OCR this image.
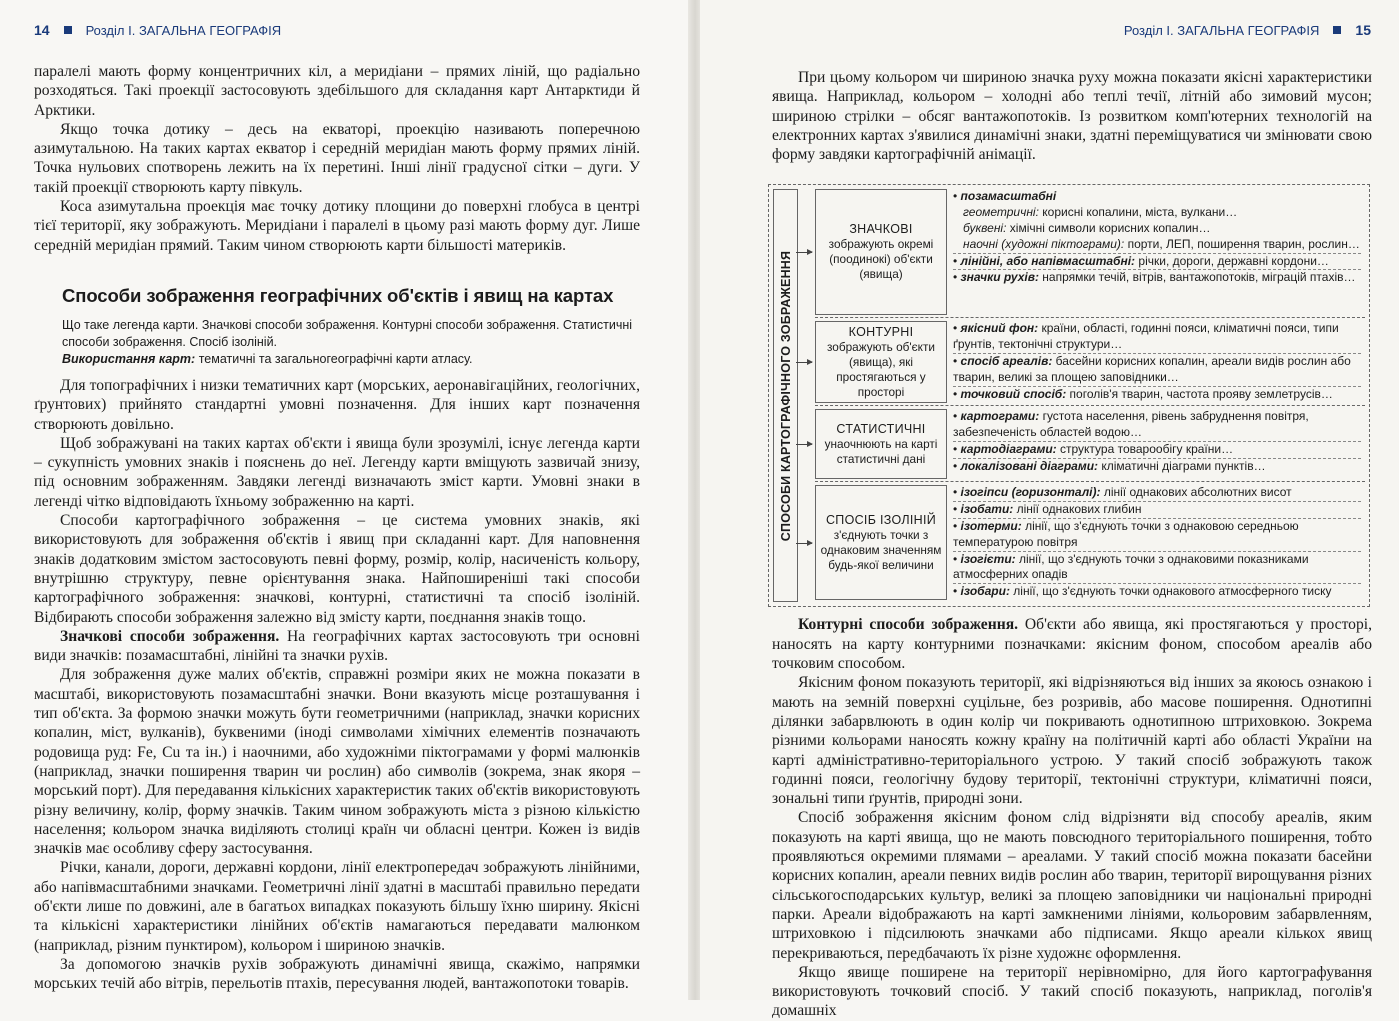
14	Розділ І. ЗАГАЛЬНА ГЕОГРАФІЯ

паралелі мають форму концентричних кіл, а меридіани – прямих ліній, що радіально розходяться. Такі проекції застосовують здебільшого для складання карт Антарктиди й Арктики.

Якщо точка дотику – десь на екваторі, проекцію називають поперечною азимутальною. На таких картах екватор і середній меридіан мають форму прямих ліній. Точка нульових спотворень лежить на їх перетині. Інші лінії градусної сітки – дуги. У такій проекції створюють карту півкуль.

Коса азимутальна проекція має точку дотику площини до поверхні глобуса в центрі тієї території, яку зображують. Меридіани і паралелі в цьому разі мають форму дуг. Лише середній меридіан прямий. Таким чином створюють карти більшості материків.

Способи зображення географічних об'єктів і явищ на картах
Що таке легенда карти. Значкові способи зображення. Контурні способи зображення. Статистичні способи зображення. Спосіб ізоліній.
Використання карт: тематичні та загальногеографічні карти атласу.

Для топографічних і низки тематичних карт (морських, аеронавігаційних, геологічних, ґрунтових) прийнято стандартні умовні позначення. Для інших карт позначення створюють довільно.

Щоб зображувані на таких картах об'єкти і явища були зрозумілі, існує легенда карти – сукупність умовних знаків і пояснень до неї. Легенду карти вміщують зазвичай знизу, під основним зображенням. Завдяки легенді визначають зміст карти. Умовні знаки в легенді чітко відповідають їхньому зображенню на карті.

Способи картографічного зображення – це система умовних знаків, які використовують для зображення об'єктів і явищ при складанні карт. Для наповнення знаків додатковим змістом застосовують певні форму, розмір, колір, насиченість кольору, внутрішню структуру, певне орієнтування знака. Найпоширеніші такі способи картографічного зображення: значкові, контурні, статистичні та спосіб ізоліній. Відбирають способи зображення залежно від змісту карти, поєднання знаків тощо.

Значкові способи зображення. На географічних картах застосовують три основні види значків: позамасштабні, лінійні та значки рухів.

Для зображення дуже малих об'єктів, справжні розміри яких не можна показати в масштабі, використовують позамасштабні значки. Вони вказують місце розташування і тип об'єкта. За формою значки можуть бути геометричними (наприклад, значки корисних копалин, міст, вулканів), буквеними (іноді символами хімічних елементів позначають родовища руд: Fe, Cu та ін.) і наочними, або художніми піктограмами у формі малюнків (наприклад, значки поширення тварин чи рослин) або символів (зокрема, знак якоря – морський порт). Для передавання кількісних характеристик таких об'єктів використовують різну величину, колір, форму значків. Таким чином зображують міста з різною кількістю населення; кольором значка виділяють столиці країн чи обласні центри. Кожен із видів значків має особливу сферу застосування.

Річки, канали, дороги, державні кордони, лінії електропередач зображують лінійними, або напівмасштабними значками. Геометричні лінії здатні в масштабі правильно передати об'єкти лише по довжині, але в багатьох випадках показують більшу їхню ширину. Якісні та кількісні характеристики лінійних об'єктів намагаються передавати малюнком (наприклад, різним пунктиром), кольором і шириною значків.

За допомогою значків рухів зображують динамічні явища, скажімо, напрямки морських течій або вітрів, перельотів птахів, пересування людей, вантажопотоки товарів.

Розділ І. ЗАГАЛЬНА ГЕОГРАФІЯ	15

При цьому кольором чи шириною значка руху можна показати якісні характеристики явища. Наприклад, кольором – холодні або теплі течії, літній або зимовий мусон; шириною стрілки – обсяг вантажопотоків. Із розвитком комп'ютерних технологій на електронних картах з'явилися динамічні знаки, здатні переміщуватися чи змінювати свою форму завдяки картографічній анімації.

СПОСОБИ КАРТОГРАФІЧНОГО ЗОБРАЖЕННЯ
ЗНАЧКОВІ
зображують окремі (поодинокі) об'єкти (явища)
• позамасштабні
геометричні: корисні копалини, міста, вулкани…
буквені: хімічні символи корисних копалин…
наочні (художні піктограми): порти, ЛЕП, поширення тварин, рослин…
• лінійні, або напівмасштабні: річки, дороги, державні кордони…
• значки рухів: напрямки течій, вітрів, вантажопотоків, міграцій птахів…
КОНТУРНІ
зображують об'єкти (явища), які простягаються у просторі
• якісний фон: країни, області, годинні пояси, кліматичні пояси, типи ґрунтів, тектонічні структури…
• спосіб ареалів: басейни корисних копалин, ареали видів рослин або тварин, великі за площею заповідники…
• точковий спосіб: поголів'я тварин, частота прояву землетрусів…
СТАТИСТИЧНІ
унаочнюють на карті статистичні дані
• картограми: густота населення, рівень забруднення повітря, забезпеченість областей водою…
• картодіаграми: структура товарообігу країни…
• локалізовані діаграми: кліматичні діаграми пунктів…
СПОСІБ ІЗОЛІНІЙ
з'єднують точки з однаковим значенням будь-якої величини
• ізогіпси (горизонталі): лінії однакових абсолютних висот
• ізобати: лінії однакових глибин
• ізотерми: лінії, що з'єднують точки з однаковою середньою температурою повітря
• ізогієти: лінії, що з'єднують точки з однаковими показниками атмосферних опадів
• ізобари: лінії, що з'єднують точки однакового атмосферного тиску

Контурні способи зображення. Об'єкти або явища, які простягаються у просторі, наносять на карту контурними позначками: якісним фоном, способом ареалів або точковим способом.

Якісним фоном показують території, які відрізняються від інших за якоюсь ознакою і мають на земній поверхні суцільне, без розривів, або масове поширення. Однотипні ділянки забарвлюють в один колір чи покривають однотипною штриховкою. Зокрема різними кольорами наносять кожну країну на політичній карті або області України на карті адміністративно-територіального устрою. У такий спосіб зображують також годинні пояси, геологічну будову території, тектонічні структури, кліматичні пояси, зональні типи ґрунтів, природні зони.

Спосіб зображення якісним фоном слід відрізняти від способу ареалів, яким показують на карті явища, що не мають повсюдного територіального поширення, тобто проявляються окремими плямами – ареалами. У такий спосіб можна показати басейни корисних копалин, ареали певних видів рослин або тварин, території вирощування різних сільськогосподарських культур, великі за площею заповідники чи національні природні парки. Ареали відображають на карті замкненими лініями, кольоровим забарвленням, штриховкою і підсилюють значками або підписами. Якщо ареали кількох явищ перекриваються, передбачають їх різне художнє оформлення.

Якщо явище поширене на території нерівномірно, для його картографування використовують точковий спосіб. У такий спосіб показують, наприклад, поголів'я домашніх
